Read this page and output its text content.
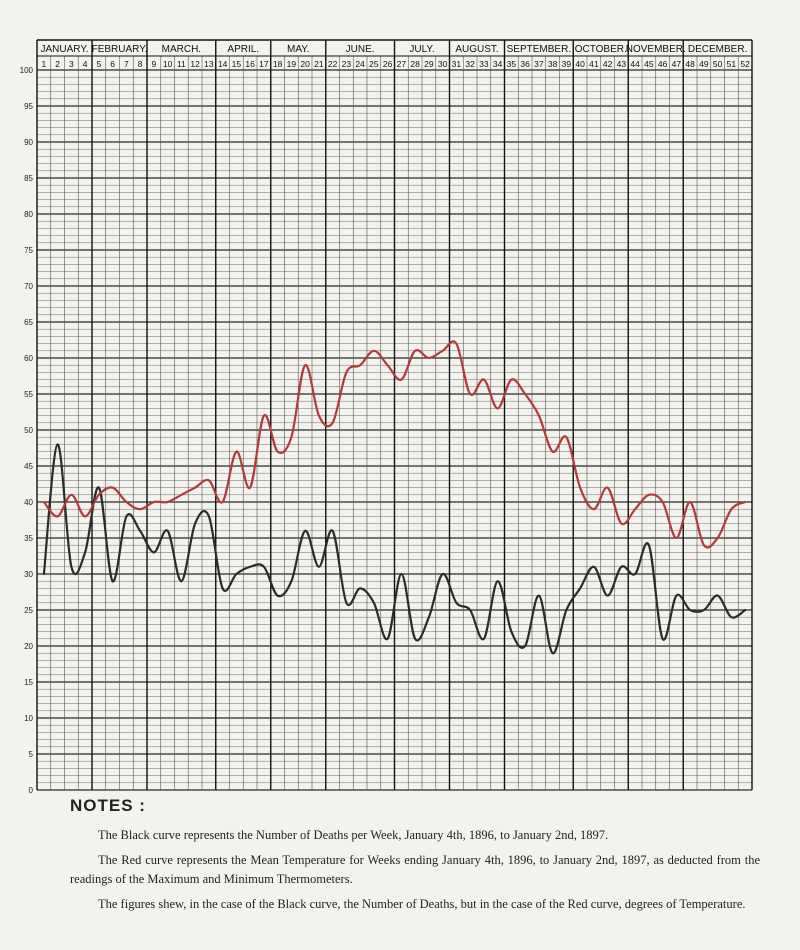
JANUARY. FEBRUARY. MARCH.	APRIL.	MAY.	JUNE.	JULY. AUGUST. SEPTEMBER. OCTOBER.
NOVEMBER. DECEMBER.
1 2 3 4 5 6 7 8 9 10 11 12 13 14 15 16 17 18 19 20 21 22 23 24 25 26 27 28 29 30 31 32 33 34 35 36 37 38 39 40 41 42 43 44 45 46 47 48 49 50 51 52
0
5
10
15
20
25
30
35
40
45
50
55
60
65
70
75
80
85
90
95
100
NOTES :

The Black curve represents the Number of Deaths per Week, January 4th, 1896, to January 2nd, 1897.

The Red curve represents the Mean Temperature for Weeks ending January 4th, 1896, to January 2nd, 1897, as deducted from the readings of the Maximum and Minimum Thermometers.

The figures shew, in the case of the Black curve, the Number of Deaths, but in the case of the Red curve, degrees of Temperature.
